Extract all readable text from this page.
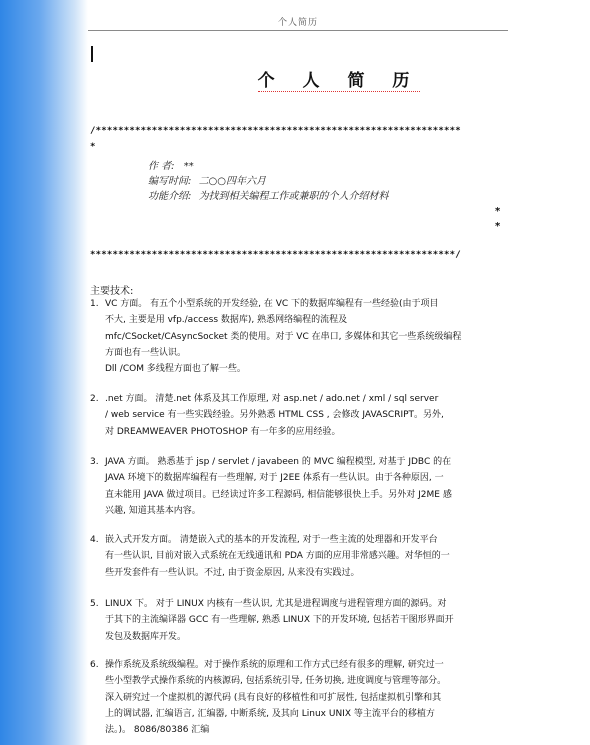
个人简历
个 人 简 历
/*****************************************************************
*
作 者: **
编写时间: 二○○四年六月
功能介绍: 为找到相关编程工作或兼职的个人介绍材料
*
*
*****************************************************************/
主要技术:
1. VC 方面。 有五个小型系统的开发经验, 在 VC 下的数据库编程有一些经验(由于项目
不大, 主要是用 vfp./access 数据库), 熟悉网络编程的流程及
mfc/CSocket/CAsyncSocket 类的使用。对于 VC 在串口, 多媒体和其它一些系统级编程
方面也有一些认识。
Dll /COM 多线程方面也了解一些。
2. .net 方面。 清楚.net 体系及其工作原理, 对 asp.net / ado.net / xml / sql server
/ web service 有一些实践经验。另外熟悉 HTML CSS , 会修改 JAVASCRIPT。另外,
对 DREAMWEAVER PHOTOSHOP 有一年多的应用经验。
3. JAVA 方面。 熟悉基于 jsp / servlet / javabeen 的 MVC 编程模型, 对基于 JDBC 的在
JAVA 环境下的数据库编程有一些理解, 对于 J2EE 体系有一些认识。由于各种原因, 一
直未能用 JAVA 做过项目。已经读过许多工程源码, 相信能够很快上手。另外对 J2ME 感
兴趣, 知道其基本内容。
4. 嵌入式开发方面。 清楚嵌入式的基本的开发流程, 对于一些主流的处理器和开发平台
有一些认识, 目前对嵌入式系统在无线通讯和 PDA 方面的应用非常感兴趣。对华恒的一
些开发套件有一些认识。不过, 由于资金原因, 从来没有实践过。
5. LINUX 下。 对于 LINUX 内核有一些认识, 尤其是进程调度与进程管理方面的源码。对
于其下的主流编译器 GCC 有一些理解, 熟悉 LINUX 下的开发环境, 包括若干图形界面开
发包及数据库开发。
6. 操作系统及系统级编程。对于操作系统的原理和工作方式已经有很多的理解, 研究过一
些小型教学式操作系统的内核源码, 包括系统引导, 任务切换, 进度调度与管理等部分。
深入研究过一个虚拟机的源代码 (具有良好的移植性和可扩展性, 包括虚拟机引擎和其
上的调试器, 汇编语言, 汇编器, 中断系统, 及其向 Linux UNIX 等主流平台的移植方
法。)。 8086/80386 汇编
